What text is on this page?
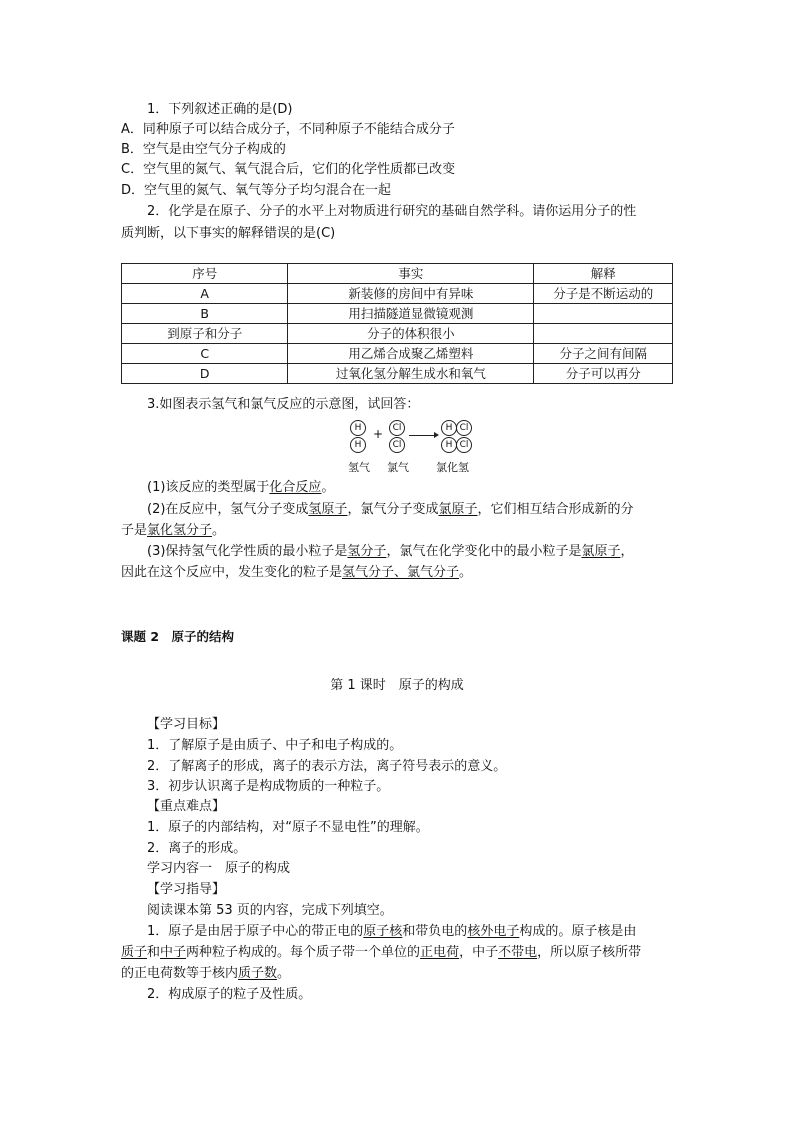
1．下列叙述正确的是(D)
A．同种原子可以结合成分子，不同种原子不能结合成分子
B．空气是由空气分子构成的
C．空气里的氮气、氧气混合后，它们的化学性质都已改变
D．空气里的氮气、氧气等分子均匀混合在一起
2．化学是在原子、分子的水平上对物质进行研究的基础自然学科。请你运用分子的性
质判断，以下事实的解释错误的是(C)
序号	事实	解释
A	新装修的房间中有异味	分子是不断运动的
B	用扫描隧道显微镜观测	
到原子和分子	分子的体积很小	
C	用乙烯合成聚乙烯塑料	分子之间有间隔
D	过氧化氢分解生成水和氧气	分子可以再分
3.如图表示氢气和氯气反应的示意图，试回答：
H
H
+	Cl
Cl
H Cl
H Cl
氢气 氯气 氯化氢
(1)该反应的类型属于化合反应。
(2)在反应中，氢气分子变成氢原子，氯气分子变成氯原子，它们相互结合形成新的分
子是氯化氢分子。
(3)保持氢气化学性质的最小粒子是氢分子，氯气在化学变化中的最小粒子是氯原子，
因此在这个反应中，发生变化的粒子是氢气分子、氯气分子。
课题 2　原子的结构
第 1 课时　原子的构成
【学习目标】
1．了解原子是由质子、中子和电子构成的。
2．了解离子的形成，离子的表示方法，离子符号表示的意义。
3．初步认识离子是构成物质的一种粒子。
【重点难点】
1．原子的内部结构，对“原子不显电性”的理解。
2．离子的形成。
学习内容一　原子的构成
【学习指导】
阅读课本第 53 页的内容，完成下列填空。
1．原子是由居于原子中心的带正电的原子核和带负电的核外电子构成的。原子核是由
质子和中子两种粒子构成的。每个质子带一个单位的正电荷，中子不带电，所以原子核所带
的正电荷数等于核内质子数。
2．构成原子的粒子及性质。
